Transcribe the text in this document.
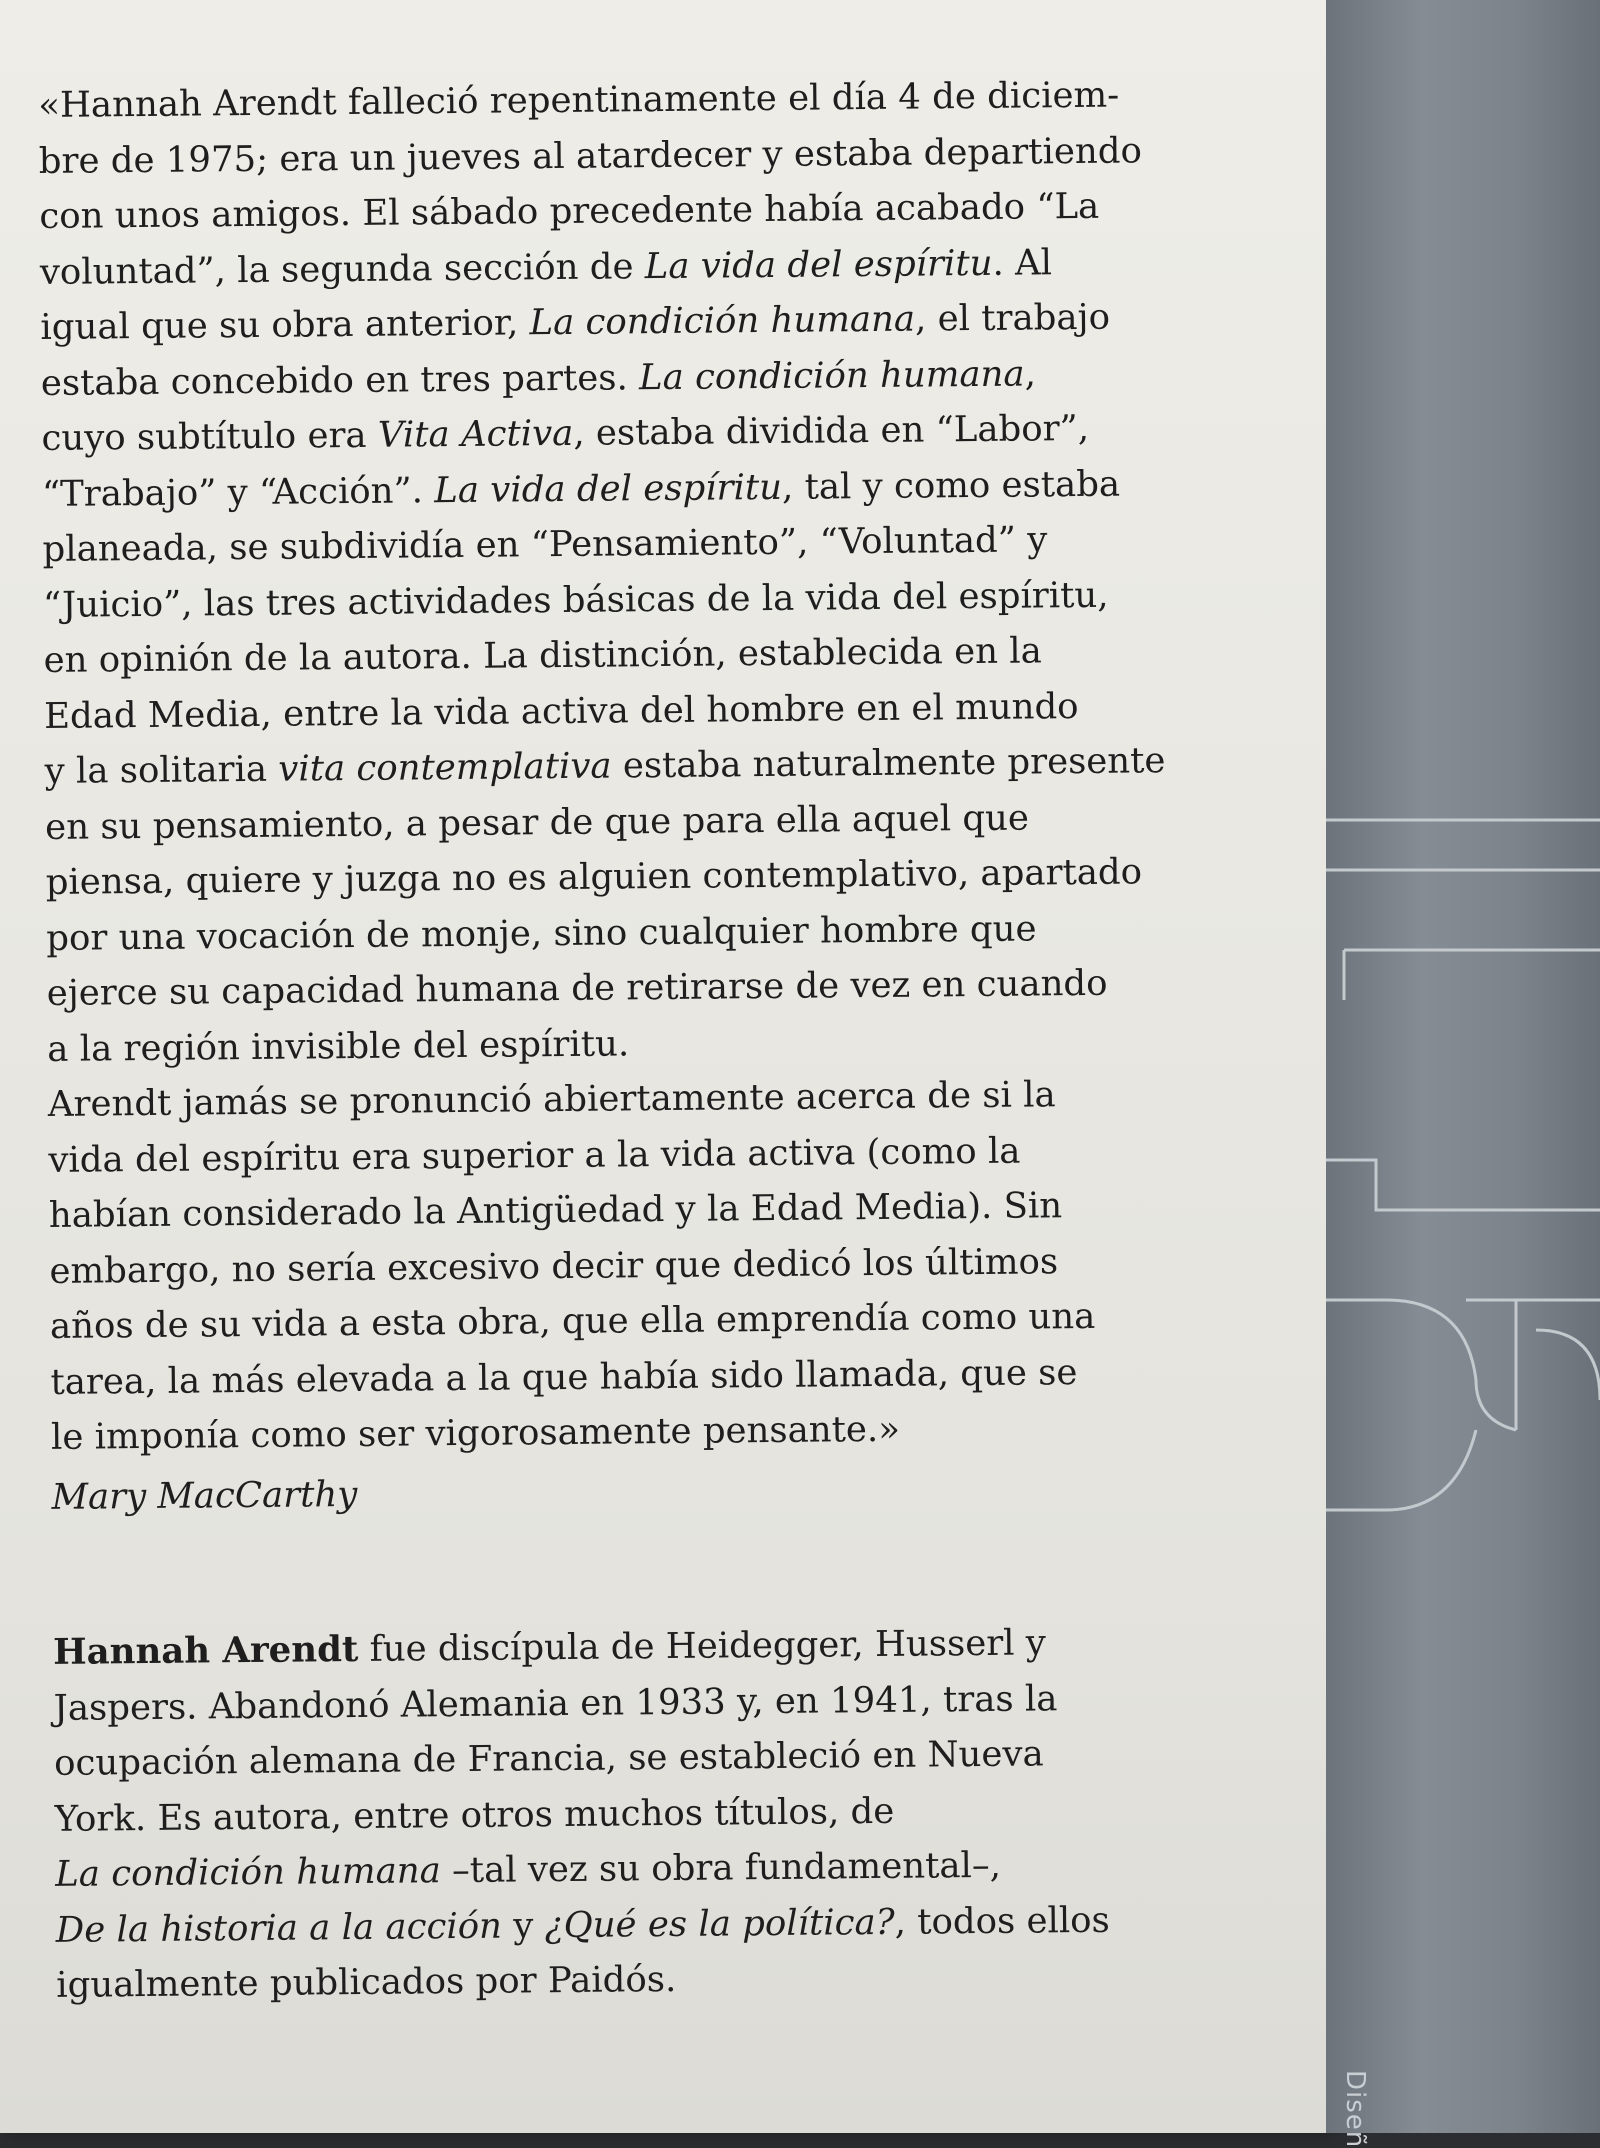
«Hannah Arendt falleció repentinamente el día 4 de diciem-
bre de 1975; era un jueves al atardecer y estaba departiendo
con unos amigos. El sábado precedente había acabado “La
voluntad”, la segunda sección de La vida del espíritu. Al
igual que su obra anterior, La condición humana, el trabajo
estaba concebido en tres partes. La condición humana,
cuyo subtítulo era Vita Activa, estaba dividida en “Labor”,
“Trabajo” y “Acción”. La vida del espíritu, tal y como estaba
planeada, se subdividía en “Pensamiento”, “Voluntad” y
“Juicio”, las tres actividades básicas de la vida del espíritu,
en opinión de la autora. La distinción, establecida en la
Edad Media, entre la vida activa del hombre en el mundo
y la solitaria vita contemplativa estaba naturalmente presente
en su pensamiento, a pesar de que para ella aquel que
piensa, quiere y juzga no es alguien contemplativo, apartado
por una vocación de monje, sino cualquier hombre que
ejerce su capacidad humana de retirarse de vez en cuando
a la región invisible del espíritu.
Arendt jamás se pronunció abiertamente acerca de si la
vida del espíritu era superior a la vida activa (como la
habían considerado la Antigüedad y la Edad Media). Sin
embargo, no sería excesivo decir que dedicó los últimos
años de su vida a esta obra, que ella emprendía como una
tarea, la más elevada a la que había sido llamada, que se
le imponía como ser vigorosamente pensante.»
Mary MacCarthy
Hannah Arendt fue discípula de Heidegger, Husserl y
Jaspers. Abandonó Alemania en 1933 y, en 1941, tras la
ocupación alemana de Francia, se estableció en Nueva
York. Es autora, entre otros muchos títulos, de
La condición humana –tal vez su obra fundamental–,
De la historia a la acción y ¿Qué es la política?, todos ellos
igualmente publicados por Paidós.
Diseñ
